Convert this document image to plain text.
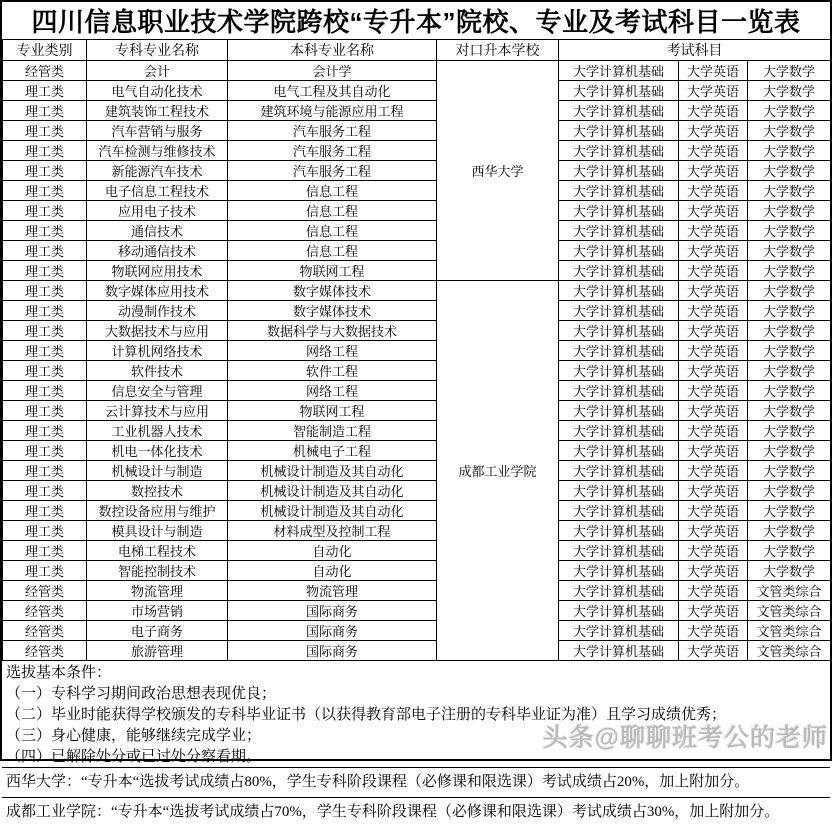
四川信息职业技术学院跨校“专升本”院校、专业及考试科目一览表
专业类别	专科专业名称	本科专业名称	对口升本学校	考试科目		
经管类	会计	会计学	西华大学	大学计算机基础	大学英语	大学数学
理工类	电气自动化技术	电气工程及其自动化		大学计算机基础	大学英语	大学数学
理工类	建筑装饰工程技术	建筑环境与能源应用工程		大学计算机基础	大学英语	大学数学
理工类	汽车营销与服务	汽车服务工程		大学计算机基础	大学英语	大学数学
理工类	汽车检测与维修技术	汽车服务工程		大学计算机基础	大学英语	大学数学
理工类	新能源汽车技术	汽车服务工程		大学计算机基础	大学英语	大学数学
理工类	电子信息工程技术	信息工程		大学计算机基础	大学英语	大学数学
理工类	应用电子技术	信息工程		大学计算机基础	大学英语	大学数学
理工类	通信技术	信息工程		大学计算机基础	大学英语	大学数学
理工类	移动通信技术	信息工程		大学计算机基础	大学英语	大学数学
理工类	物联网应用技术	物联网工程		大学计算机基础	大学英语	大学数学
理工类	数字媒体应用技术	数字媒体技术	成都工业学院	大学计算机基础	大学英语	大学数学
理工类	动漫制作技术	数字媒体技术		大学计算机基础	大学英语	大学数学
理工类	大数据技术与应用	数据科学与大数据技术		大学计算机基础	大学英语	大学数学
理工类	计算机网络技术	网络工程		大学计算机基础	大学英语	大学数学
理工类	软件技术	软件工程		大学计算机基础	大学英语	大学数学
理工类	信息安全与管理	网络工程		大学计算机基础	大学英语	大学数学
理工类	云计算技术与应用	物联网工程		大学计算机基础	大学英语	大学数学
理工类	工业机器人技术	智能制造工程		大学计算机基础	大学英语	大学数学
理工类	机电一体化技术	机械电子工程		大学计算机基础	大学英语	大学数学
理工类	机械设计与制造	机械设计制造及其自动化		大学计算机基础	大学英语	大学数学
理工类	数控技术	机械设计制造及其自动化		大学计算机基础	大学英语	大学数学
理工类	数控设备应用与维护	机械设计制造及其自动化		大学计算机基础	大学英语	大学数学
理工类	模具设计与制造	材料成型及控制工程		大学计算机基础	大学英语	大学数学
理工类	电梯工程技术	自动化		大学计算机基础	大学英语	大学数学
理工类	智能控制技术	自动化		大学计算机基础	大学英语	大学数学
经管类	物流管理	物流管理		大学计算机基础	大学英语	文管类综合
经管类	市场营销	国际商务		大学计算机基础	大学英语	文管类综合
经管类	电子商务	国际商务		大学计算机基础	大学英语	文管类综合
经管类	旅游管理	国际商务		大学计算机基础	大学英语	文管类综合
选拔基本条件：
（一）专科学习期间政治思想表现优良；
（二）毕业时能获得学校颁发的专科毕业证书（以获得教育部电子注册的专科毕业证为准）且学习成绩优秀；
（三）身心健康，能够继续完成学业；
（四）已解除处分或已过处分察看期。
西华大学：“专升本“选拔考试成绩占80%，学生专科阶段课程（必修课和限选课）考试成绩占20%，加上附加分。
成都工业学院：“专升本“选拔考试成绩占70%，学生专科阶段课程（必修课和限选课）考试成绩占30%，加上附加分。
头条@聊聊班考公的老师
